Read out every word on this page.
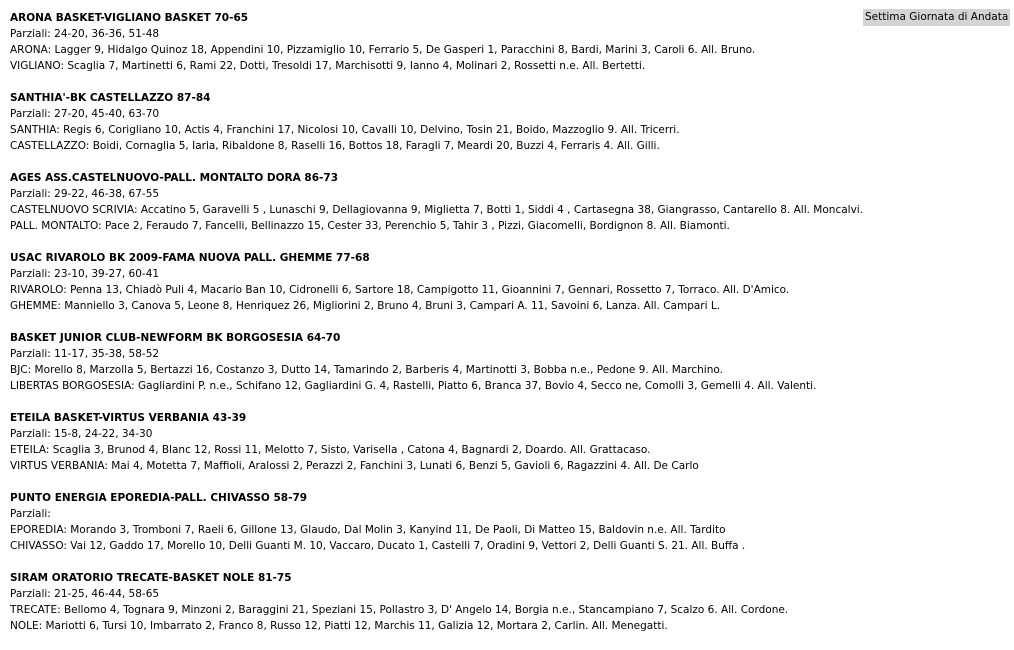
Settima Giornata di Andata
ARONA BASKET-VIGLIANO BASKET 70-65
Parziali: 24-20, 36-36, 51-48
ARONA: Lagger 9, Hidalgo Quinoz 18, Appendini 10, Pizzamiglio 10, Ferrario 5, De Gasperi 1, Paracchini 8, Bardi, Marini 3, Caroli 6. All. Bruno.
VIGLIANO: Scaglia 7, Martinetti 6, Rami 22, Dotti, Tresoldi 17, Marchisotti 9, Ianno 4, Molinari 2, Rossetti n.e. All. Bertetti.
SANTHIA'-BK CASTELLAZZO 87-84
Parziali: 27-20, 45-40, 63-70
SANTHIA: Regis 6, Corigliano 10, Actis 4, Franchini 17, Nicolosi 10, Cavalli 10, Delvino, Tosin 21, Boido, Mazzoglio 9. All. Tricerri.
CASTELLAZZO: Boidi, Cornaglia 5, Iaria, Ribaldone 8, Raselli 16, Bottos 18, Faragli 7, Meardi 20, Buzzi 4, Ferraris 4. All. Gilli.
AGES ASS.CASTELNUOVO-PALL. MONTALTO DORA 86-73
Parziali: 29-22, 46-38, 67-55
CASTELNUOVO SCRIVIA: Accatino 5, Garavelli 5 , Lunaschi 9, Dellagiovanna 9, Miglietta 7, Botti 1, Siddi 4 , Cartasegna 38, Giangrasso, Cantarello 8. All. Moncalvi.
PALL. MONTALTO: Pace 2, Feraudo 7, Fancelli, Bellinazzo 15, Cester 33, Perenchio 5, Tahir 3 , Pizzi, Giacomelli, Bordignon 8. All. Biamonti.
USAC RIVAROLO BK 2009-FAMA NUOVA PALL. GHEMME 77-68
Parziali: 23-10, 39-27, 60-41
RIVAROLO: Penna 13, Chiadò Puli 4, Macario Ban 10, Cidronelli 6, Sartore 18, Campigotto 11, Gioannini 7, Gennari, Rossetto 7, Torraco. All. D'Amico.
GHEMME: Manniello 3, Canova 5, Leone 8, Henriquez 26, Migliorini 2, Bruno 4, Bruni 3, Campari A. 11, Savoini 6, Lanza. All. Campari L.
BASKET JUNIOR CLUB-NEWFORM BK BORGOSESIA 64-70
Parziali: 11-17, 35-38, 58-52
BJC: Morello 8, Marzolla 5, Bertazzi 16, Costanzo 3, Dutto 14, Tamarindo 2, Barberis 4, Martinotti 3, Bobba n.e., Pedone 9. All. Marchino.
LIBERTAS BORGOSESIA: Gagliardini P. n.e., Schifano 12, Gagliardini G. 4, Rastelli, Piatto 6, Branca 37, Bovio 4, Secco ne, Comolli 3, Gemelli 4. All. Valenti.
ETEILA BASKET-VIRTUS VERBANIA 43-39
Parziali: 15-8, 24-22, 34-30
ETEILA: Scaglia 3, Brunod 4, Blanc 12, Rossi 11, Melotto 7, Sisto, Varisella , Catona 4, Bagnardi 2, Doardo. All. Grattacaso.
VIRTUS VERBANIA: Mai 4, Motetta 7, Maffioli, Aralossi 2, Perazzi 2, Fanchini 3, Lunati 6, Benzi 5, Gavioli 6, Ragazzini 4. All. De Carlo
PUNTO ENERGIA EPOREDIA-PALL. CHIVASSO 58-79
Parziali:
EPOREDIA: Morando 3, Tromboni 7, Raeli 6, Gillone 13, Glaudo, Dal Molin 3, Kanyind 11, De Paoli, Di Matteo 15, Baldovin n.e. All. Tardito
CHIVASSO: Vai 12, Gaddo 17, Morello 10, Delli Guanti M. 10, Vaccaro, Ducato 1, Castelli 7, Oradini 9, Vettori 2, Delli Guanti S. 21. All. Buffa .
SIRAM ORATORIO TRECATE-BASKET NOLE 81-75
Parziali: 21-25, 46-44, 58-65
TRECATE: Bellomo 4, Tognara 9, Minzoni 2, Baraggini 21, Speziani 15, Pollastro 3, D' Angelo 14, Borgia n.e., Stancampiano 7, Scalzo 6. All. Cordone.
NOLE: Mariotti 6, Tursi 10, Imbarrato 2, Franco 8, Russo 12, Piatti 12, Marchis 11, Galizia 12, Mortara 2, Carlin. All. Menegatti.
